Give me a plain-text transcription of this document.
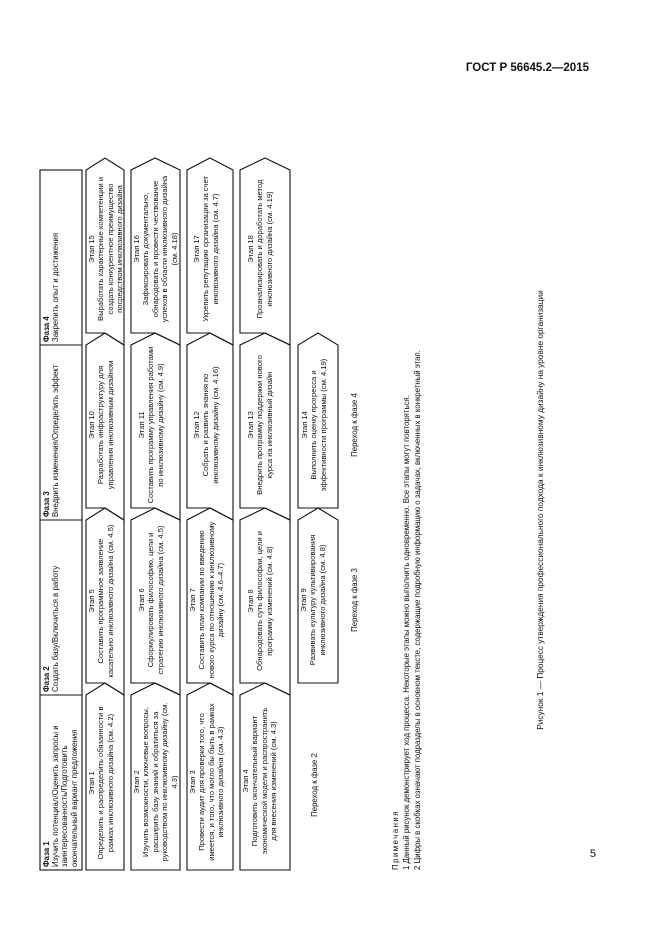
ГОСТ Р 56645.2—2015
Фаза 1 Изучить потенциал/Оценить запросы и заинтересованность/Подготовить окончательный вариант предложения
Фаза 2 Создать базу/Включиться в работу
Фаза 3 Внедрить изменения/Определить эффект
Фаза 4 Закрепить опыт и достижения
Этап 1 Определить и распределить обязанности в рамках инклюзивного дизайна (см. 4.2) Этап 2 Изучить возможности, ключевые вопросы, расширить базу знаний и обратиться за руководством по инклюзивному дизайну (см. 4.3) Этап 3 Провести аудит для проверки того, что имеется, и того, что могло бы быть в рамках инклюзивного дизайна (см. 4.3) Этап 4 Подготовить окончательный вариант экономической модели и распространить для внесения изменений (см. 4.3)
Этап 5 Составить программное заявление касательно инклюзивного дизайна (см. 4.5)	Этап 6 Сформулировать философию, цели и стратегию инклюзивного дизайна (см. 4.5)	Этап 7 Составить план компании по введению нового курса по отношению к инклюзивному дизайну (см. 4.6–4.7)	Этап 8 Обнародовать суть философии, цели и программу изменений (см. 4.8)	Этап 9 Развивать культуру культивирования инклюзивного дизайна (см. 4.8)
Этап 10 Разработать инфраструктуру для управления инклюзивным дизайном	Этап 11 Составить программу управления работами по инклюзивному дизайну (см. 4.9)	Этап 12 Собрать и развить знания по инклюзивному дизайну (см. 4.16)	Этап 13 Внедрить программу поддержки нового курса на инклюзивный дизайн	Этап 14 Выполнить оценку прогресса и эффективности программы (см. 4.19)
Этап 15 Выработать характерные компетенции и создать конкурентное преимущество посредством инклюзивного дизайна Этап 16 Зафиксировать документально, обнародовать и провести чествование успехов в области инклюзивного дизайна (см. 4.18) Этап 17 Укрепить репутацию организации за счет инклюзивного дизайна (см. 4.7)	Этап 18 Проанализировать и доработать метод инклюзивного дизайна (см. 4.19)
Переход к фазе 2
Переход к фазе 3
Переход к фазе 4
Примечания 1 Данный рисунок демонстрирует ход процесса. Некоторые этапы можно выполнить одновременно. Все этапы могут повторяться. 2 Цифры в скобках означают подразделы в основном тексте, содержащие подробную информацию о задачах, включенных в конкретный этап.	Рисунок 1 — Процесс утверждения профессионального подхода к инклюзивному дизайну на уровне организации
5
